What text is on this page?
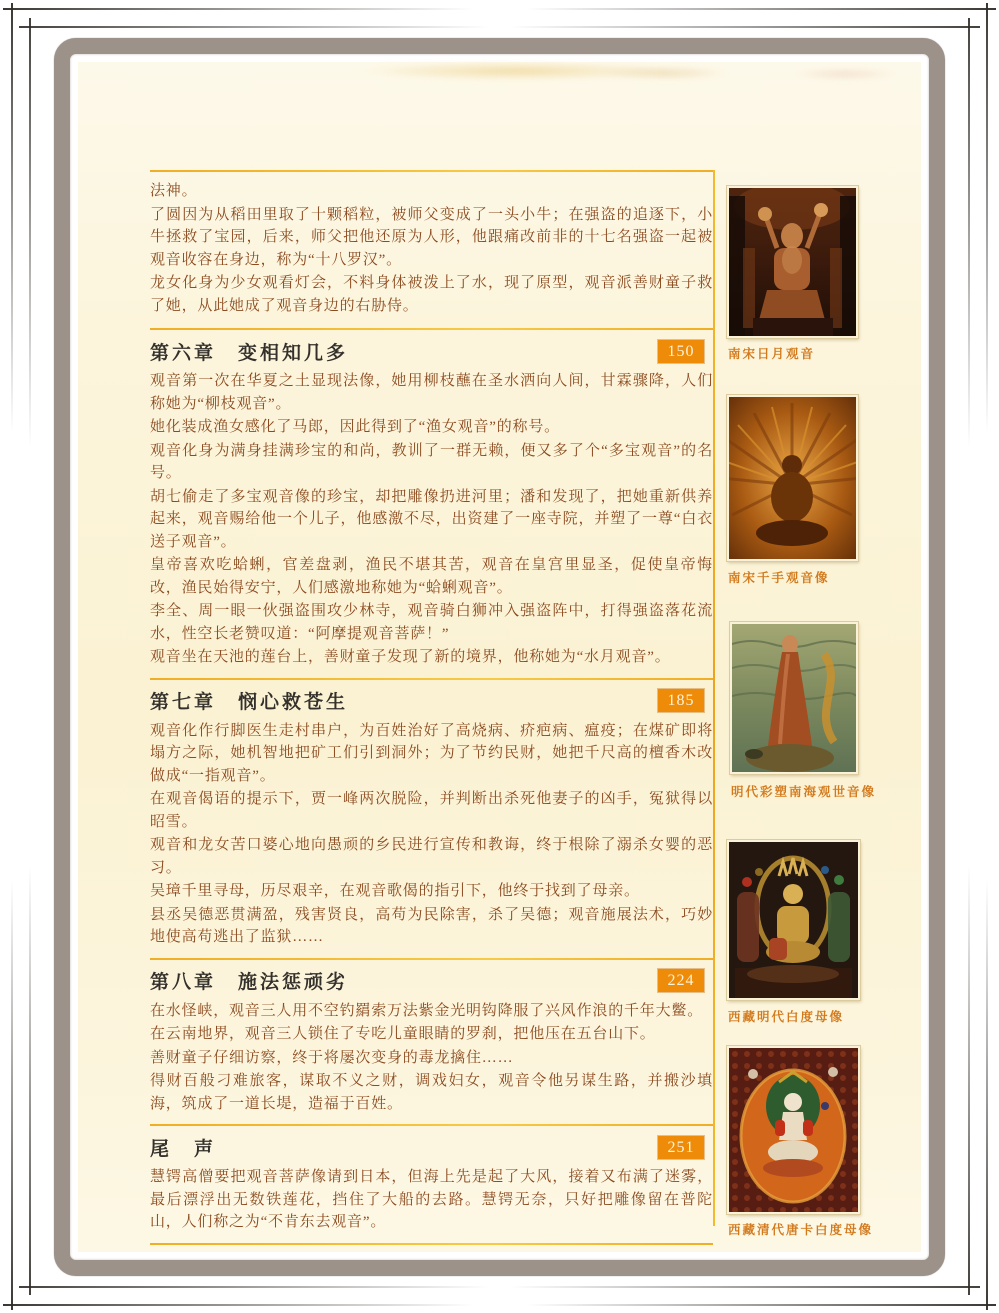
法神。

了圆因为从稻田里取了十颗稻粒，被师父变成了一头小牛；在强盗的追逐下，小牛拯救了宝园，后来，师父把他还原为人形，他跟痛改前非的十七名强盗一起被观音收容在身边，称为“十八罗汉”。

龙女化身为少女观看灯会，不料身体被泼上了水，现了原型，观音派善财童子救了她，从此她成了观音身边的右胁侍。

第六章　变相知几多	150

观音第一次在华夏之土显现法像，她用柳枝蘸在圣水洒向人间，甘霖骤降，人们称她为“柳枝观音”。

她化装成渔女感化了马郎，因此得到了“渔女观音”的称号。

观音化身为满身挂满珍宝的和尚，教训了一群无赖，便又多了个“多宝观音”的名号。

胡七偷走了多宝观音像的珍宝，却把雕像扔进河里；潘和发现了，把她重新供养起来，观音赐给他一个儿子，他感激不尽，出资建了一座寺院，并塑了一尊“白衣送子观音”。

皇帝喜欢吃蛤蜊，官差盘剥，渔民不堪其苦，观音在皇宫里显圣，促使皇帝悔改，渔民始得安宁，人们感激地称她为“蛤蜊观音”。

李全、周一眼一伙强盗围攻少林寺，观音骑白狮冲入强盗阵中，打得强盗落花流水，性空长老赞叹道：“阿摩提观音菩萨！”

观音坐在天池的莲台上，善财童子发现了新的境界，他称她为“水月观音”。

第七章　悯心救苍生	185

观音化作行脚医生走村串户，为百姓治好了高烧病、疥疤病、瘟疫；在煤矿即将塌方之际，她机智地把矿工们引到洞外；为了节约民财，她把千尺高的檀香木改做成“一指观音”。

在观音偈语的提示下，贾一峰两次脱险，并判断出杀死他妻子的凶手，冤狱得以昭雪。

观音和龙女苦口婆心地向愚顽的乡民进行宣传和教诲，终于根除了溺杀女婴的恶习。

吴璋千里寻母，历尽艰辛，在观音歌偈的指引下，他终于找到了母亲。

县丞吴德恶贯满盈，残害贤良，高苟为民除害，杀了吴德；观音施展法术，巧妙地使高苟逃出了监狱……

第八章　施法惩顽劣	224

在水怪峡，观音三人用不空钓羂索万法紫金光明钩降服了兴风作浪的千年大鳖。

在云南地界，观音三人锁住了专吃儿童眼睛的罗刹，把他压在五台山下。

善财童子仔细访察，终于将屡次变身的毒龙擒住……

得财百般刁难旅客，谋取不义之财，调戏妇女，观音令他另谋生路，并搬沙填海，筑成了一道长堤，造福于百姓。

尾　声	251

慧锷高僧要把观音菩萨像请到日本，但海上先是起了大风，接着又布满了迷雾，最后漂浮出无数铁莲花，挡住了大船的去路。慧锷无奈，只好把雕像留在普陀山，人们称之为“不肯东去观音”。

南宋日月观音
南宋千手观音像
明代彩塑南海观世音像
西藏明代白度母像
西藏清代唐卡白度母像
